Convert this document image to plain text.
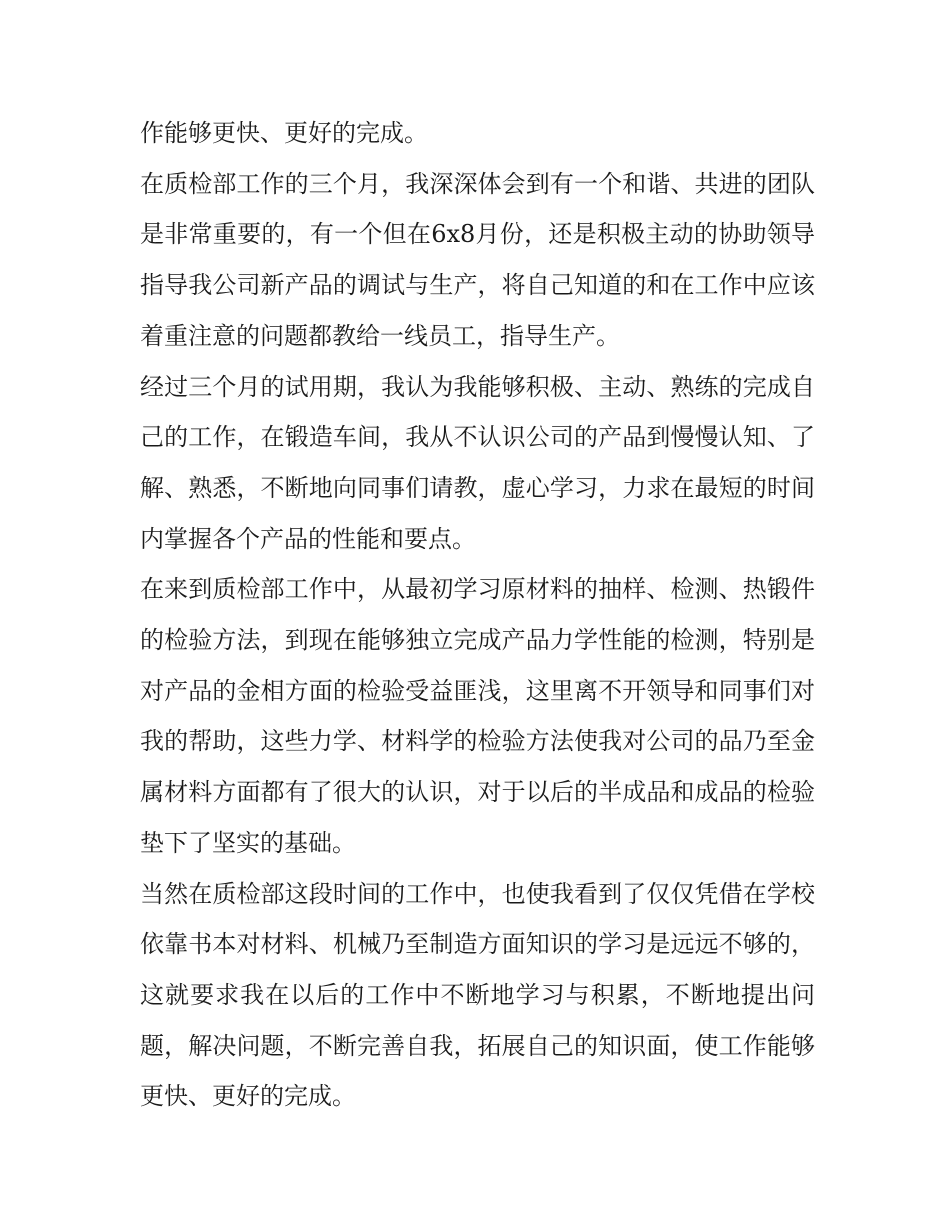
作能够更快、更好的完成。

在质检部工作的三个月，我深深体会到有一个和谐、共进的团队是非常重要的，有一个但在6x8月份，还是积极主动的协助领导指导我公司新产品的调试与生产，将自己知道的和在工作中应该着重注意的问题都教给一线员工，指导生产。

经过三个月的试用期，我认为我能够积极、主动、熟练的完成自己的工作，在锻造车间，我从不认识公司的产品到慢慢认知、了解、熟悉，不断地向同事们请教，虚心学习，力求在最短的时间内掌握各个产品的性能和要点。

在来到质检部工作中，从最初学习原材料的抽样、检测、热锻件的检验方法，到现在能够独立完成产品力学性能的检测，特别是对产品的金相方面的检验受益匪浅，这里离不开领导和同事们对我的帮助，这些力学、材料学的检验方法使我对公司的品乃至金属材料方面都有了很大的认识，对于以后的半成品和成品的检验垫下了坚实的基础。

当然在质检部这段时间的工作中，也使我看到了仅仅凭借在学校依靠书本对材料、机械乃至制造方面知识的学习是远远不够的，这就要求我在以后的工作中不断地学习与积累，不断地提出问题，解决问题，不断完善自我，拓展自己的知识面，使工作能够更快、更好的完成。
